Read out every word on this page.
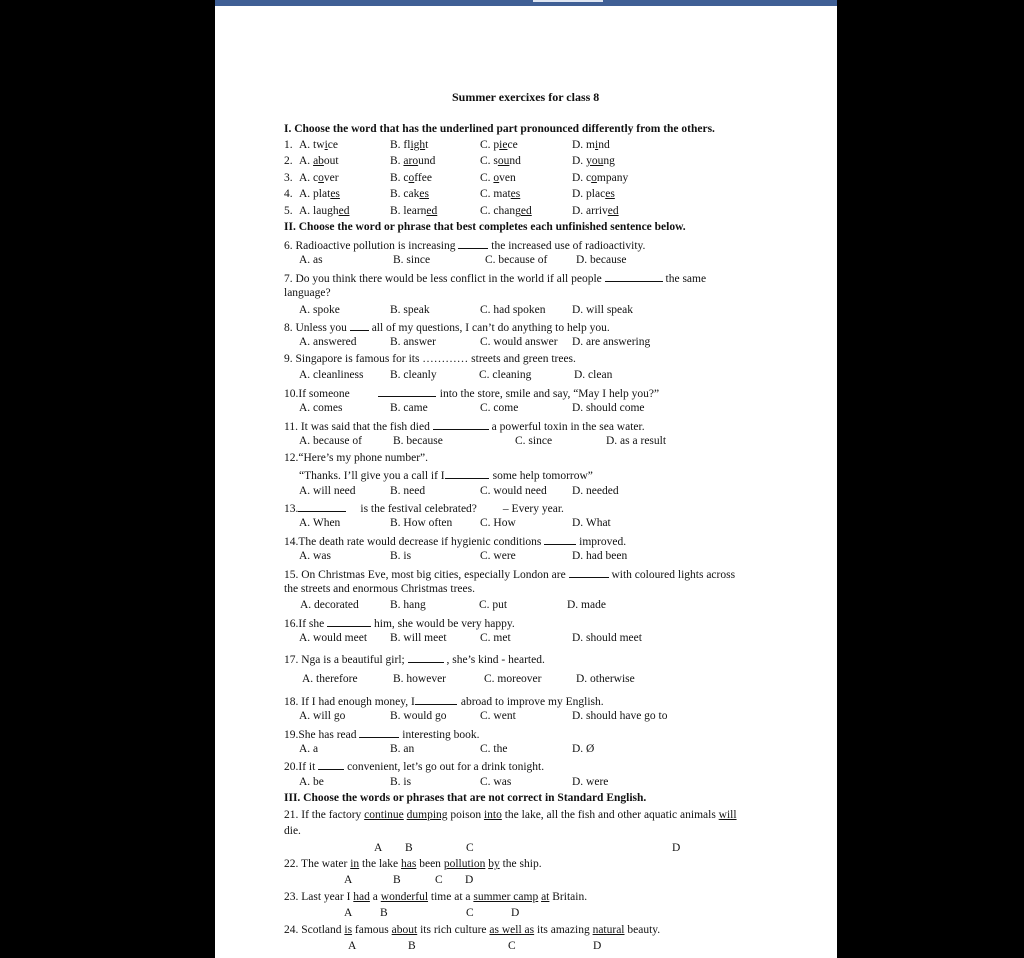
Summer exercixes for class 8
I. Choose the word that has the underlined part pronounced differently from the others.
1. A. twice	B. flight	C. piece	D. mind
2. A. about	B. around	C. sound	D. young
3. A. cover	B. coffee	C. oven	D. company
4. A. plates	B. cakes	C. mates	D. places
5. A. laughed	B. learned	C. changed	D. arrived
II. Choose the word or phrase that best completes each unfinished sentence below.
6. Radioactive pollution is increasing	the increased use of radioactivity.
A. as	B. since	C. because of D. because
7. Do you think there would be less conflict in the world if all people	the same
language?
A. spoke	B. speak	C. had spoken D. will speak
8. Unless you all of my questions, I can’t do anything to help you.
A. answered	B. answer	C. would answer D. are answering
9. Singapore is famous for its ………… streets and green trees.
A. cleanliness B. cleanly	C. cleaning	D. clean
10.If someone	into the store, smile and say, “May I help you?”
A. comes	B. came	C. come	D. should come
11. It was said that the fish died	a powerful toxin in the sea water.
A. because of	B. because	C. since	D. as a result
12.“Here’s my phone number”.
“Thanks. I’ll give you a call if I	some help tomorrow”
A. will need	B. need	C. would need D. needed
13.	is the festival celebrated? – Every year.
A. When	B. How often C. How	D. What
14.The death rate would decrease if hygienic conditions	improved.
A. was	B. is	C. were	D. had been
15. On Christmas Eve, most big cities, especially London are	with coloured lights across
the streets and enormous Christmas trees.
A. decorated	B. hang	C. put	D. made
16.If she	him, she would be very happy.
A. would meet B. will meet	C. met	D. should meet
17. Nga is a beautiful girl;	, she’s kind - hearted.
A. therefore	B. however	C. moreover	D. otherwise
18. If I had enough money, I	abroad to improve my English.
A. will go	B. would go	C. went	D. should have go to
19.She has read	interesting book.
A. a	B. an	C. the	D. Ø
20.If it	convenient, let’s go out for a drink tonight.
A. be	B. is	C. was	D. were
III. Choose the words or phrases that are not correct in Standard English.
21. If the factory continue dumping poison into the lake, all the fish and other aquatic animals will
die.
A B	C	D
22. The water in the lake has been pollution by the ship.
A	B	C D
23. Last year I had a wonderful time at a summer camp at Britain.
A B	C	D
24. Scotland is famous about its rich culture as well as its amazing natural beauty.
A	B	C	D
